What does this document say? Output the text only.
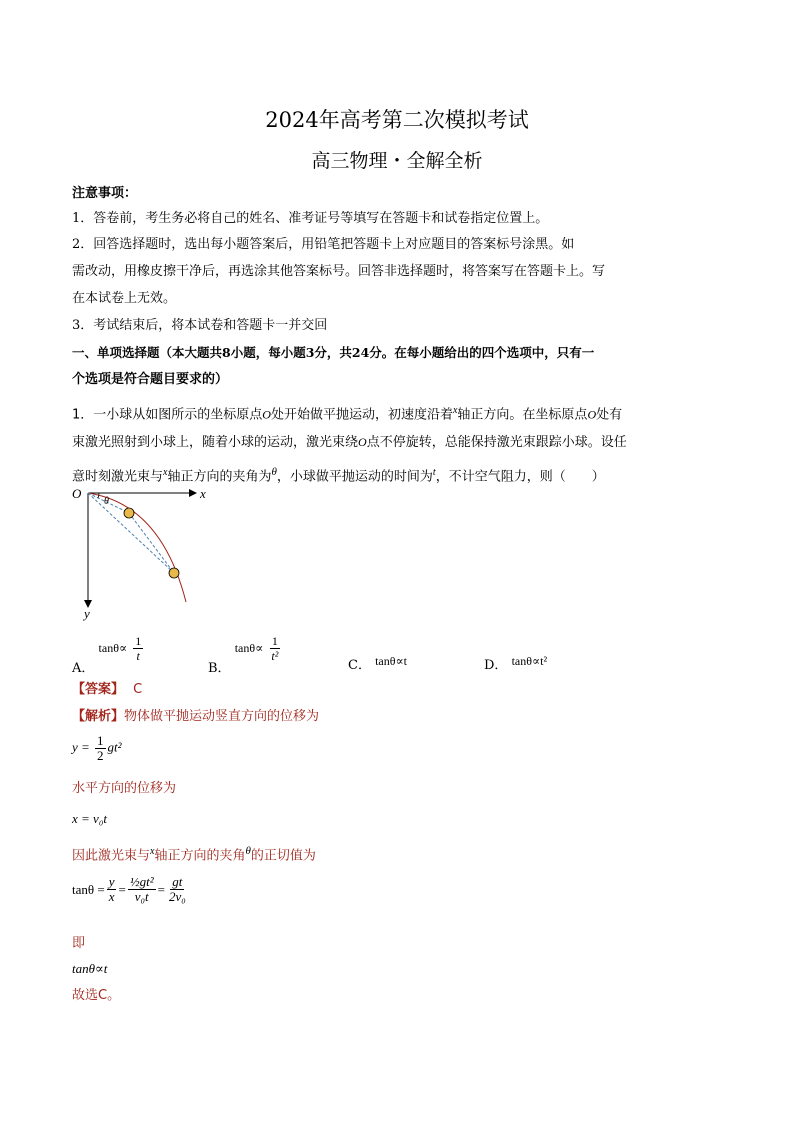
2024年高考第二次模拟考试
高三物理・全解全析
注意事项：
1．答卷前，考生务必将自己的姓名、准考证号等填写在答题卡和试卷指定位置上。
2．回答选择题时，选出每小题答案后，用铅笔把答题卡上对应题目的答案标号涂黑。如
需改动，用橡皮擦干净后，再选涂其他答案标号。回答非选择题时，将答案写在答题卡上。写
在本试卷上无效。
3．考试结束后，将本试卷和答题卡一并交回
一、单项选择题（本大题共8小题，每小题3分，共24分。在每小题给出的四个选项中，只有一
个选项是符合题目要求的）
1．一小球从如图所示的坐标原点O处开始做平抛运动，初速度沿着$^x$轴正方向。在坐标原点O处有
束激光照射到小球上，随着小球的运动，激光束绕O点不停旋转，总能保持激光束跟踪小球。设任
意时刻激光束与$^x$轴正方向的夹角为$^\theta$，小球做平抛运动的时间为$^t$，不计空气阻力，则（　　）
O	x
y
θ
A． $\tan\theta\propto \frac{1}{t}$
B． $\tan\theta\propto \frac{1}{\text{t²}}$
C． tanθ∝t	D． tanθ∝t²
【答案】 C
【解析】物体做平抛运动竖直方向的位移为
$y = \frac{1}{2} gt^2$
水平方向的位移为
x = v₀t
因此激光束与$^x$轴正方向的夹角$^\theta$的正切值为
$\tan\theta = \frac{y}{x} = \frac{\text{½gt²}}{\text{v₀t}} = \frac{gt}{\text{2v₀}}$
即
tanθ∝t
故选C。
